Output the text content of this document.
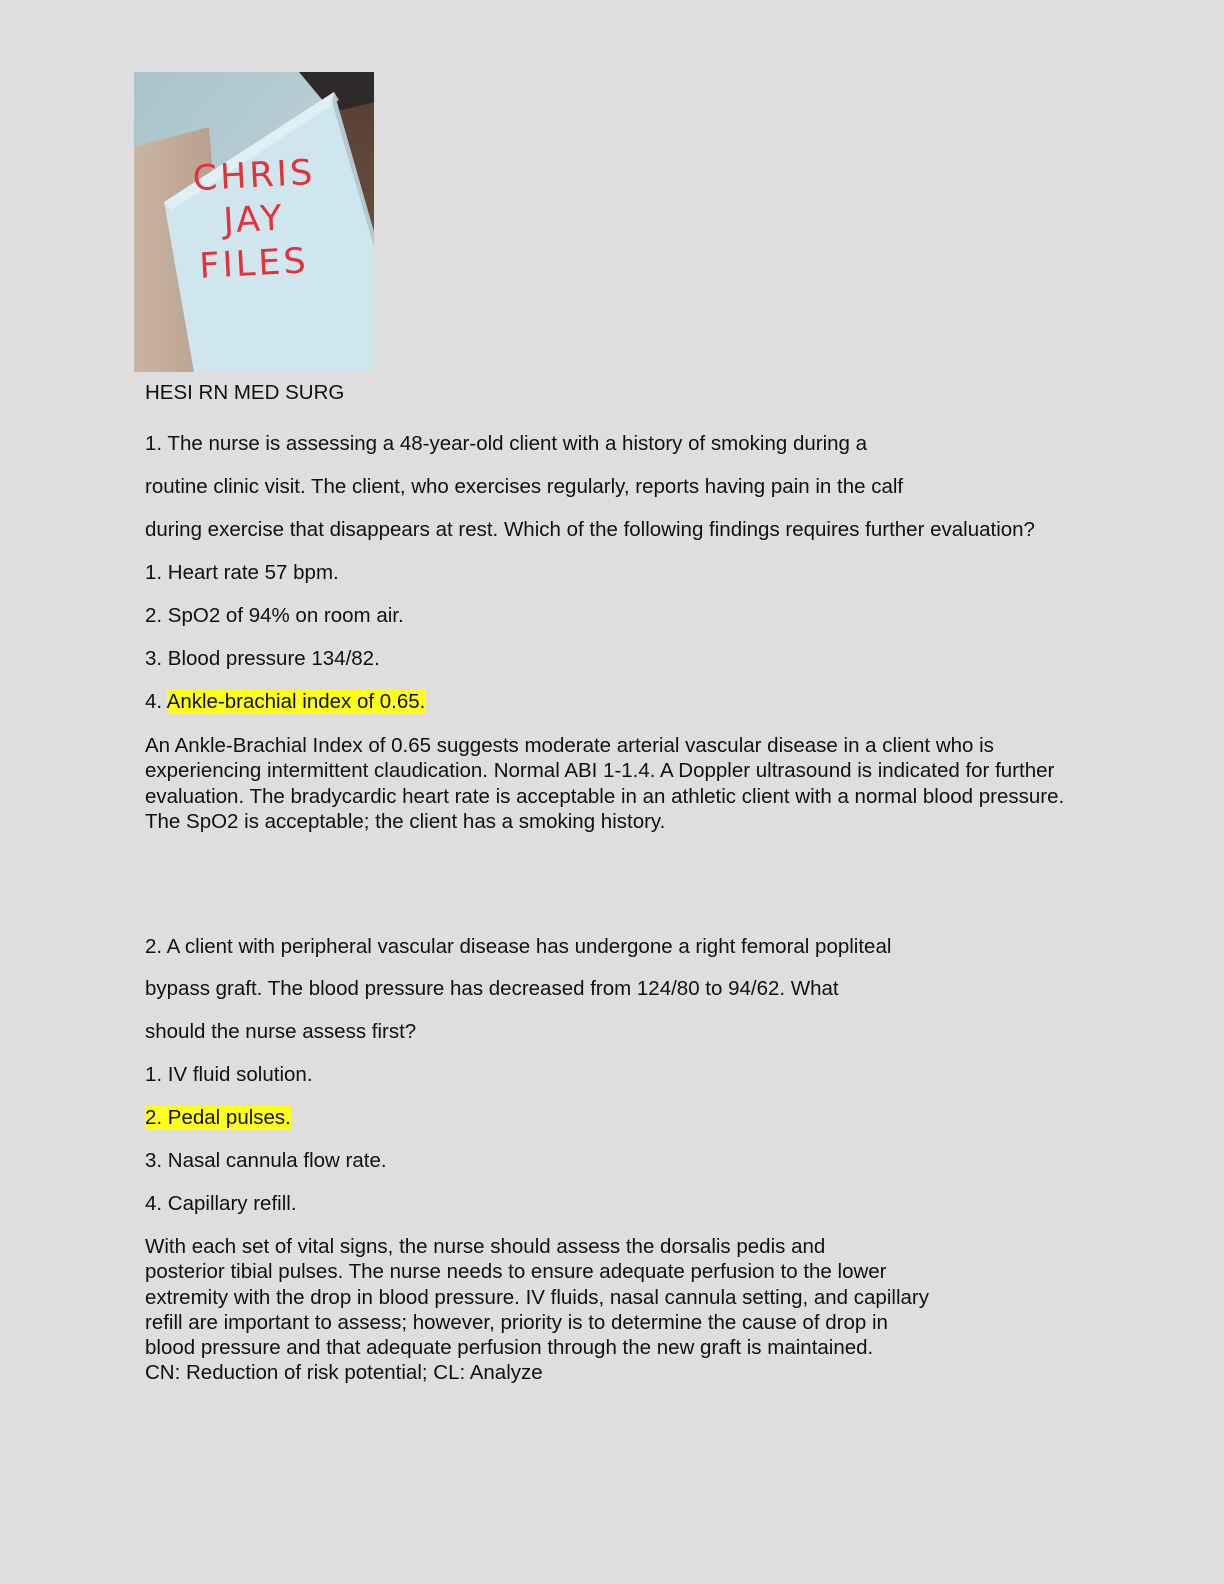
CHRIS
JAY
FILES
HESI RN MED SURG
1. The nurse is assessing a 48-year-old client with a history of smoking during a
routine clinic visit. The client, who exercises regularly, reports having pain in the calf
during exercise that disappears at rest. Which of the following findings requires further evaluation?
1. Heart rate 57 bpm.
2. SpO2 of 94% on room air.
3. Blood pressure 134/82.
4. Ankle-brachial index of 0.65.
An Ankle-Brachial Index of 0.65 suggests moderate arterial vascular disease in a client who is
experiencing intermittent claudication. Normal ABI 1-1.4. A Doppler ultrasound is indicated for further
evaluation. The bradycardic heart rate is acceptable in an athletic client with a normal blood pressure.
The SpO2 is acceptable; the client has a smoking history.
2. A client with peripheral vascular disease has undergone a right femoral popliteal
bypass graft. The blood pressure has decreased from 124/80 to 94/62. What
should the nurse assess first?
1. IV fluid solution.
2. Pedal pulses.
3. Nasal cannula flow rate.
4. Capillary refill.
With each set of vital signs, the nurse should assess the dorsalis pedis and
posterior tibial pulses. The nurse needs to ensure adequate perfusion to the lower
extremity with the drop in blood pressure. IV fluids, nasal cannula setting, and capillary
refill are important to assess; however, priority is to determine the cause of drop in
blood pressure and that adequate perfusion through the new graft is maintained.
CN: Reduction of risk potential; CL: Analyze
